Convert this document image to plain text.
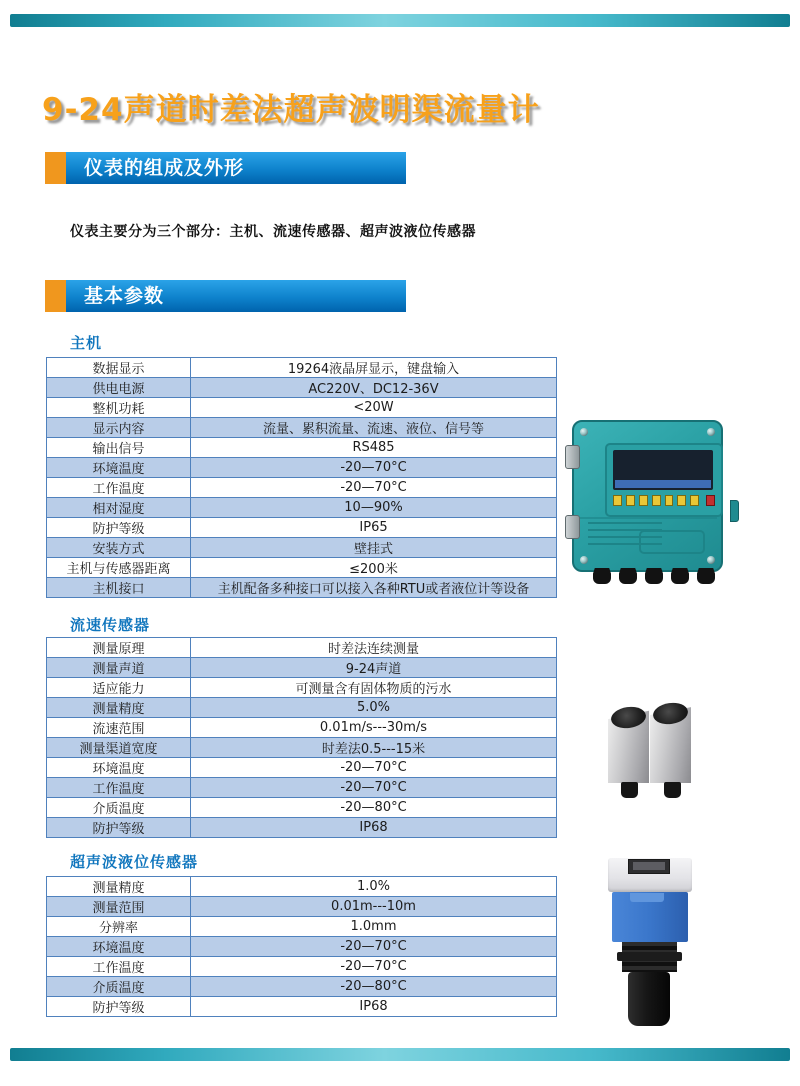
9-24声道时差法超声波明渠流量计
仪表的组成及外形
仪表主要分为三个部分：主机、流速传感器、超声波液位传感器
基本参数
主机
数据显示	19264液晶屏显示，键盘输入
供电电源	AC220V、DC12-36V
整机功耗	<20W
显示内容	流量、累积流量、流速、液位、信号等
输出信号	RS485
环境温度	-20—70°C
工作温度	-20—70°C
相对湿度	10—90%
防护等级	IP65
安装方式	壁挂式
主机与传感器距离	≤200米
主机接口	主机配备多种接口可以接入各种RTU或者液位计等设备
流速传感器
测量原理	时差法连续测量
测量声道	9-24声道
适应能力	可测量含有固体物质的污水
测量精度	5.0%
流速范围	0.01m/s---30m/s
测量渠道宽度	时差法0.5---15米
环境温度	-20—70°C
工作温度	-20—70°C
介质温度	-20—80°C
防护等级	IP68
超声波液位传感器
测量精度	1.0%
测量范围	0.01m---10m
分辨率	1.0mm
环境温度	-20—70°C
工作温度	-20—70°C
介质温度	-20—80°C
防护等级	IP68
